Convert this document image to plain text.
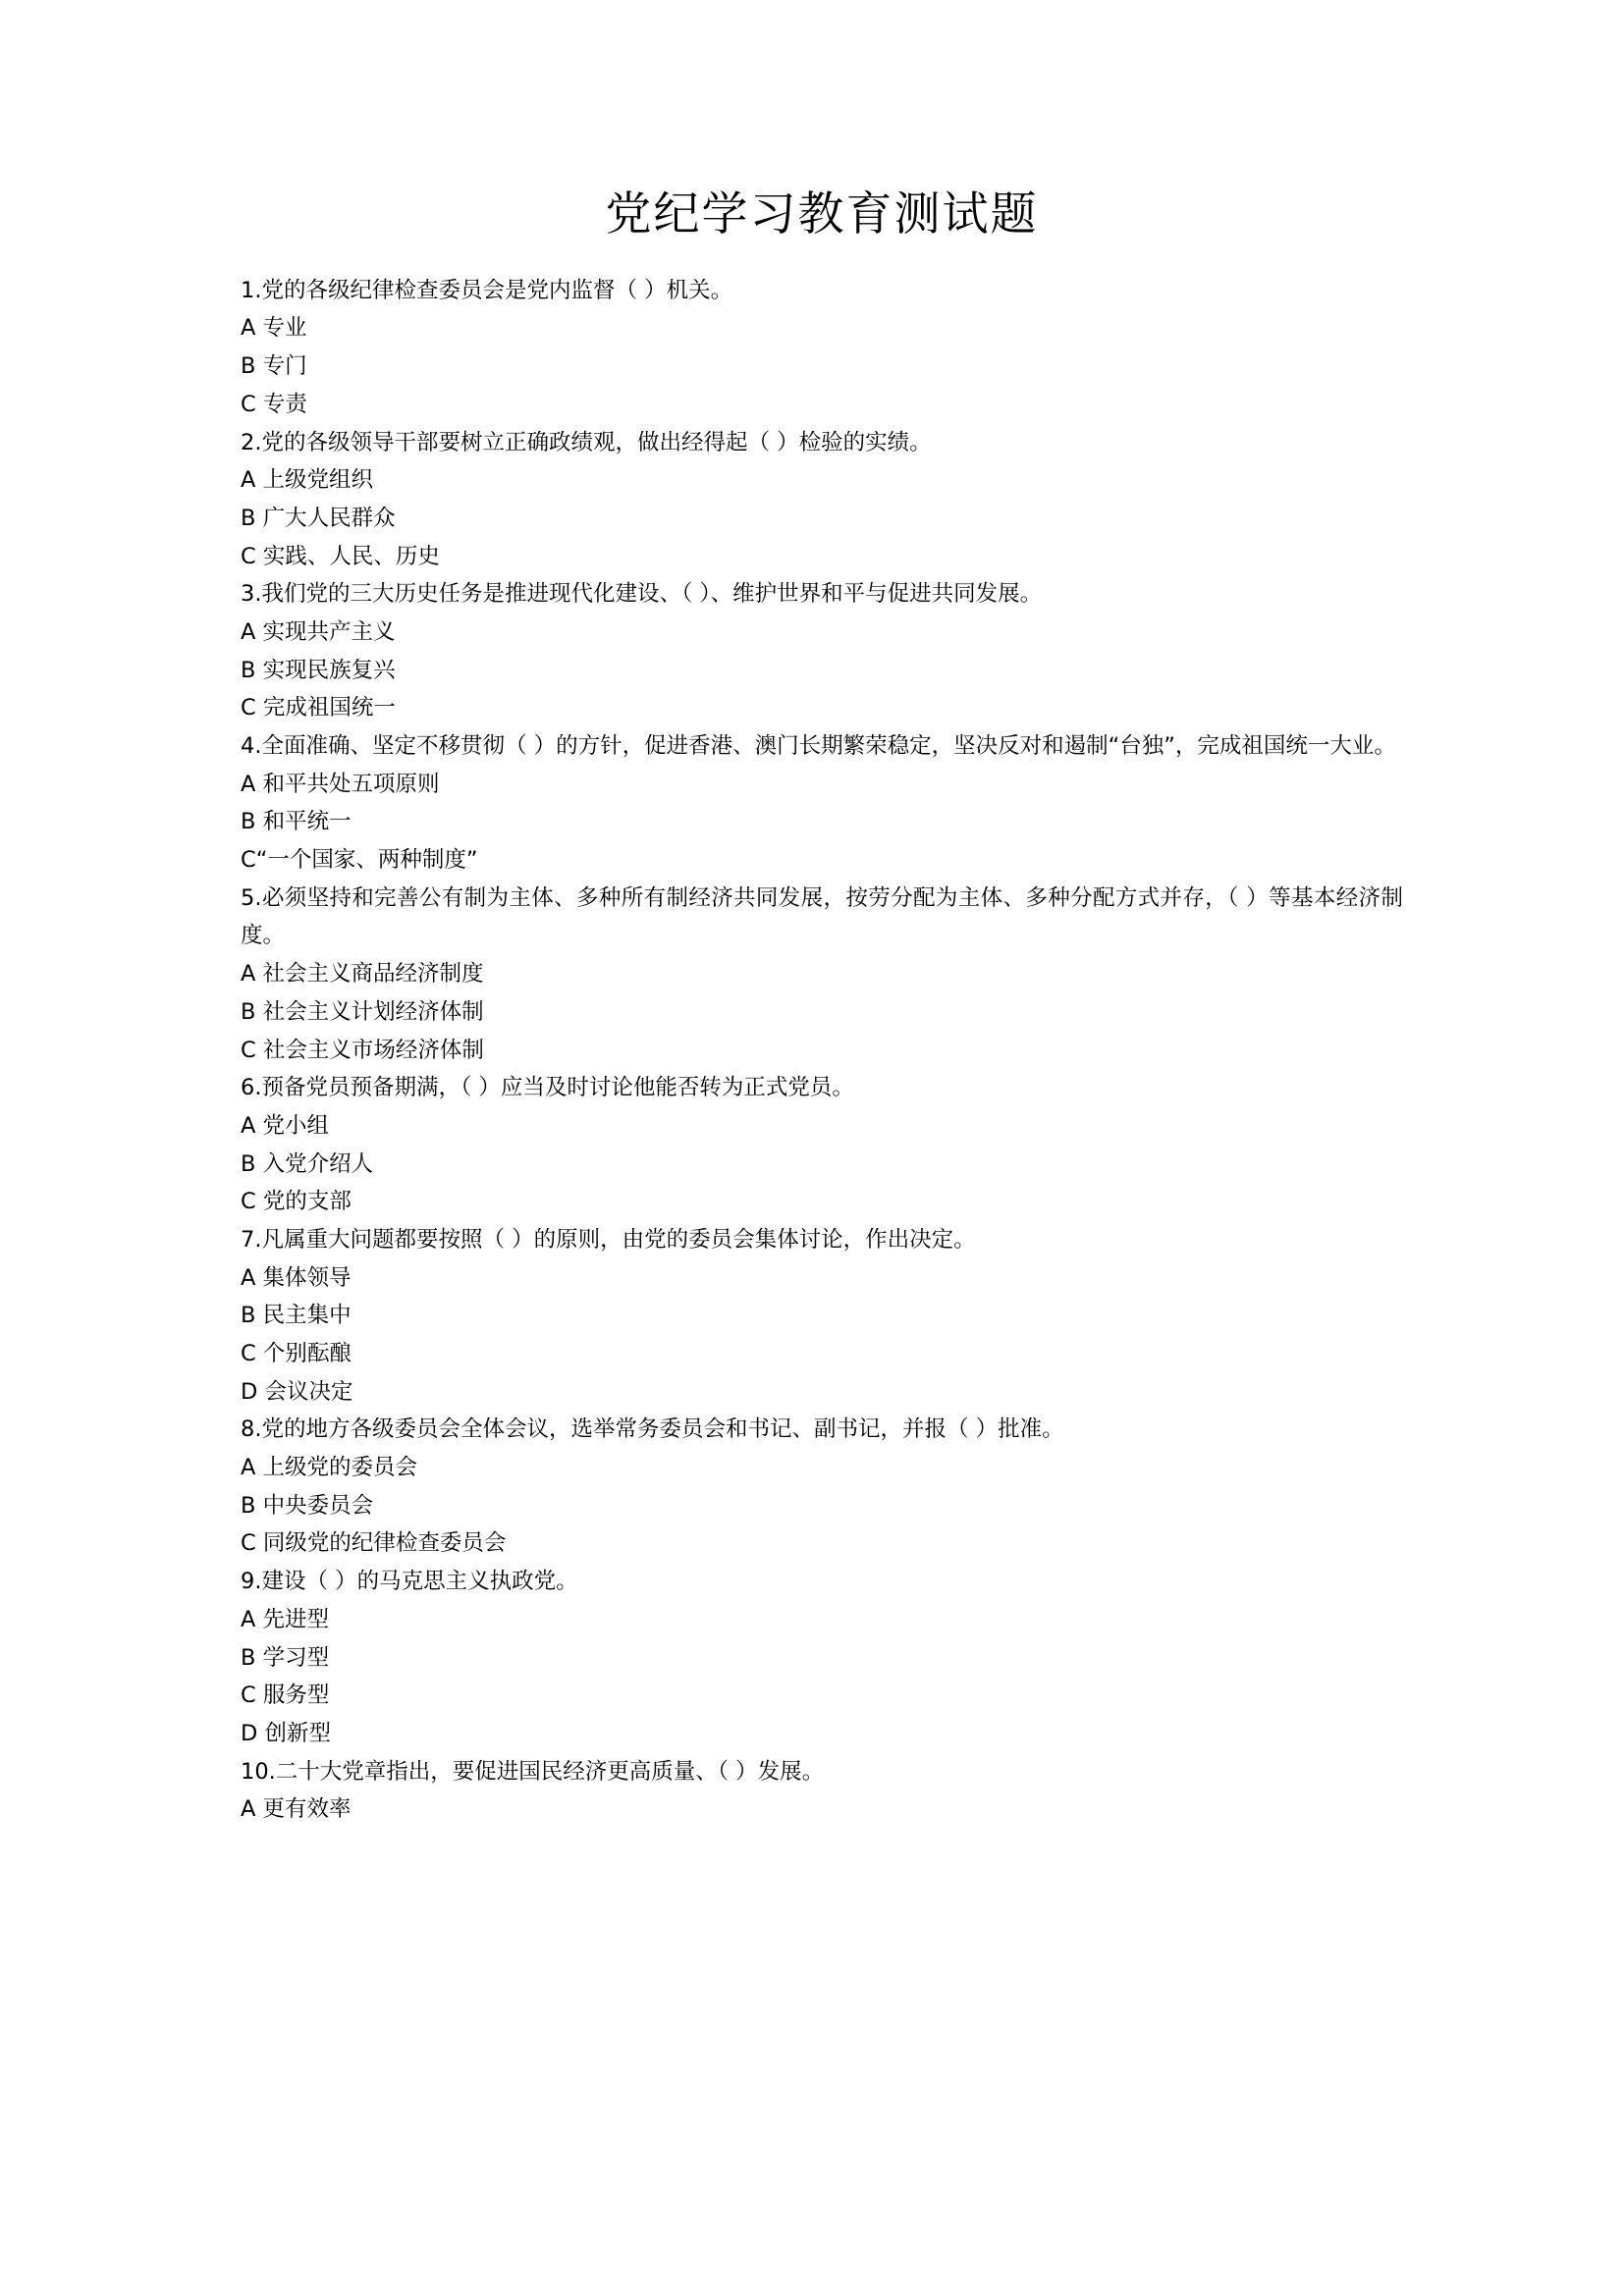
党纪学习教育测试题

1.党的各级纪律检查委员会是党内监督（ ）机关。

A 专业

B 专门

C 专责

2.党的各级领导干部要树立正确政绩观，做出经得起（ ）检验的实绩。

A 上级党组织

B 广大人民群众

C 实践、人民、历史

3.我们党的三大历史任务是推进现代化建设、（ ）、维护世界和平与促进共同发展。

A 实现共产主义

B 实现民族复兴

C 完成祖国统一

4.全面准确、坚定不移贯彻（ ）的方针，促进香港、澳门长期繁荣稳定，坚决反对和遏制“台独”，完成祖国统一大业。

A 和平共处五项原则

B 和平统一

C“一个国家、两种制度”

5.必须坚持和完善公有制为主体、多种所有制经济共同发展，按劳分配为主体、多种分配方式并存，（ ）等基本经济制度。

A 社会主义商品经济制度

B 社会主义计划经济体制

C 社会主义市场经济体制

6.预备党员预备期满，（ ）应当及时讨论他能否转为正式党员。

A 党小组

B 入党介绍人

C 党的支部

7.凡属重大问题都要按照（ ）的原则，由党的委员会集体讨论，作出决定。

A 集体领导

B 民主集中

C 个别酝酿

D 会议决定

8.党的地方各级委员会全体会议，选举常务委员会和书记、副书记，并报（ ）批准。

A 上级党的委员会

B 中央委员会

C 同级党的纪律检查委员会

9.建设（ ）的马克思主义执政党。

A 先进型

B 学习型

C 服务型

D 创新型

10.二十大党章指出，要促进国民经济更高质量、（ ）发展。

A 更有效率
